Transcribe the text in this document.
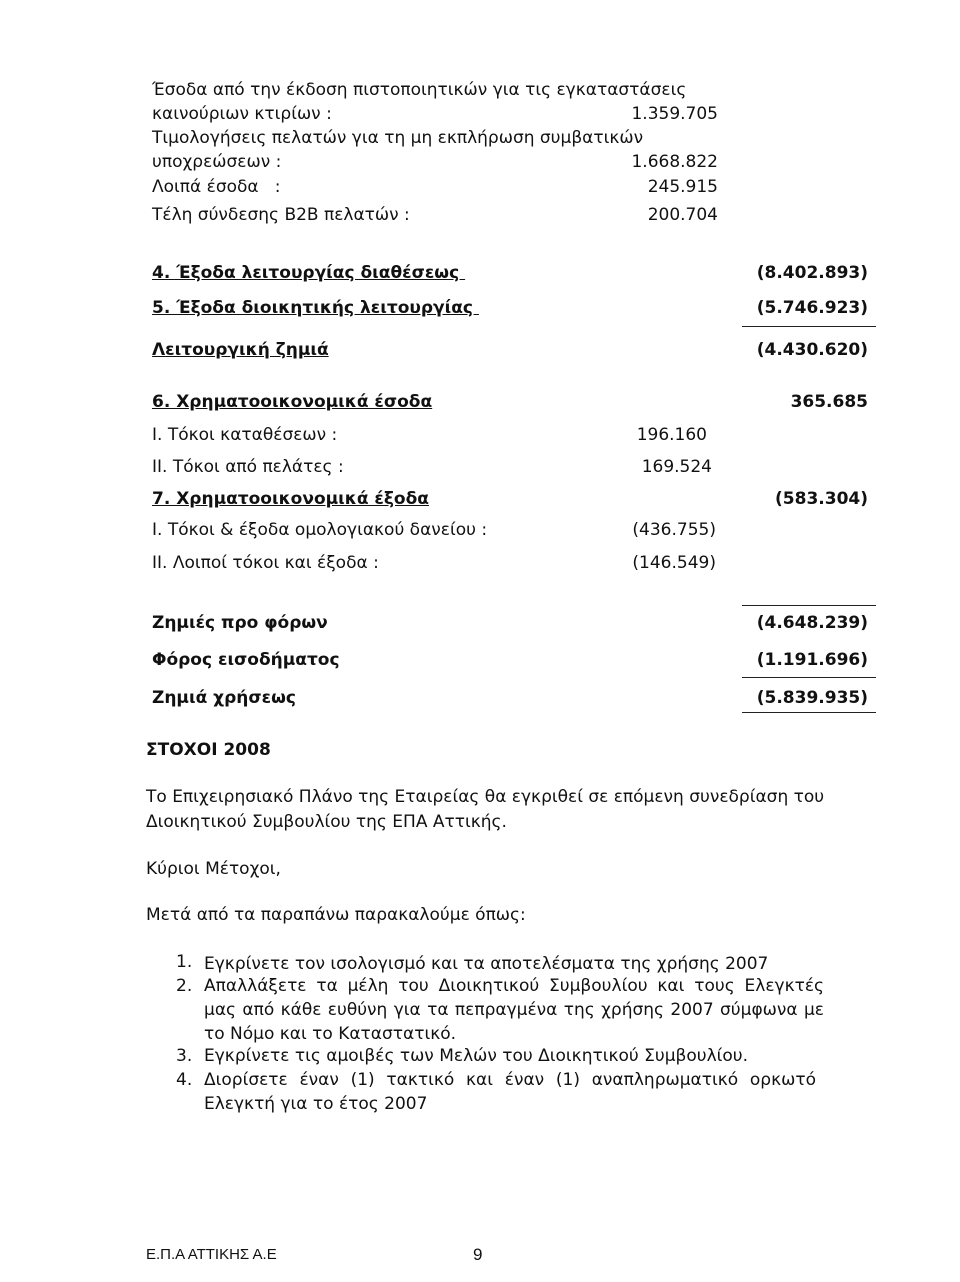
Έσοδα από την έκδοση πιστοποιητικών για τις εγκαταστάσεις
καινούριων κτιρίων :	1.359.705
Τιμολογήσεις πελατών για τη μη εκπλήρωση συμβατικών
υποχρεώσεων :	1.668.822
Λοιπά έσοδα   :	245.915
Τέλη σύνδεσης Β2Β πελατών :	200.704
4. Έξοδα λειτουργίας διαθέσεως	(8.402.893)
5. Έξοδα διοικητικής λειτουργίας	(5.746.923)
Λειτουργική ζημιά	(4.430.620)
6. Χρηματοοικονομικά έσοδα	365.685
Ι. Τόκοι καταθέσεων :	196.160
ΙΙ. Τόκοι από πελάτες :	169.524
7. Χρηματοοικονομικά έξοδα	(583.304)
Ι. Τόκοι & έξοδα ομολογιακού δανείου :	(436.755)
ΙΙ. Λοιποί τόκοι και έξοδα :	(146.549)
Ζημιές προ φόρων	(4.648.239)
Φόρος εισοδήματος	(1.191.696)
Ζημιά χρήσεως	(5.839.935)
ΣΤΟΧΟΙ 2008
Το Επιχειρησιακό Πλάνο της Εταιρείας θα εγκριθεί σε επόμενη συνεδρίαση του
Διοικητικού Συμβουλίου της ΕΠΑ Αττικής.
Κύριοι Μέτοχοι,
Μετά από τα παραπάνω παρακαλούμε όπως:
1. Εγκρίνετε τον ισολογισμό και τα αποτελέσματα της χρήσης 2007
2. Απαλλάξετε τα μέλη του Διοικητικού Συμβουλίου και τους Ελεγκτές μας από κάθε ευθύνη για τα πεπραγμένα της χρήσης 2007 σύμφωνα με το Νόμο και το Καταστατικό.
3. Εγκρίνετε τις αμοιβές των Μελών του Διοικητικού Συμβουλίου.
4. Διορίσετε έναν (1) τακτικό και έναν (1) αναπληρωματικό ορκωτό Ελεγκτή για το έτος 2007
Ε.Π.Α ΑΤΤΙΚΗΣ Α.Ε	9
